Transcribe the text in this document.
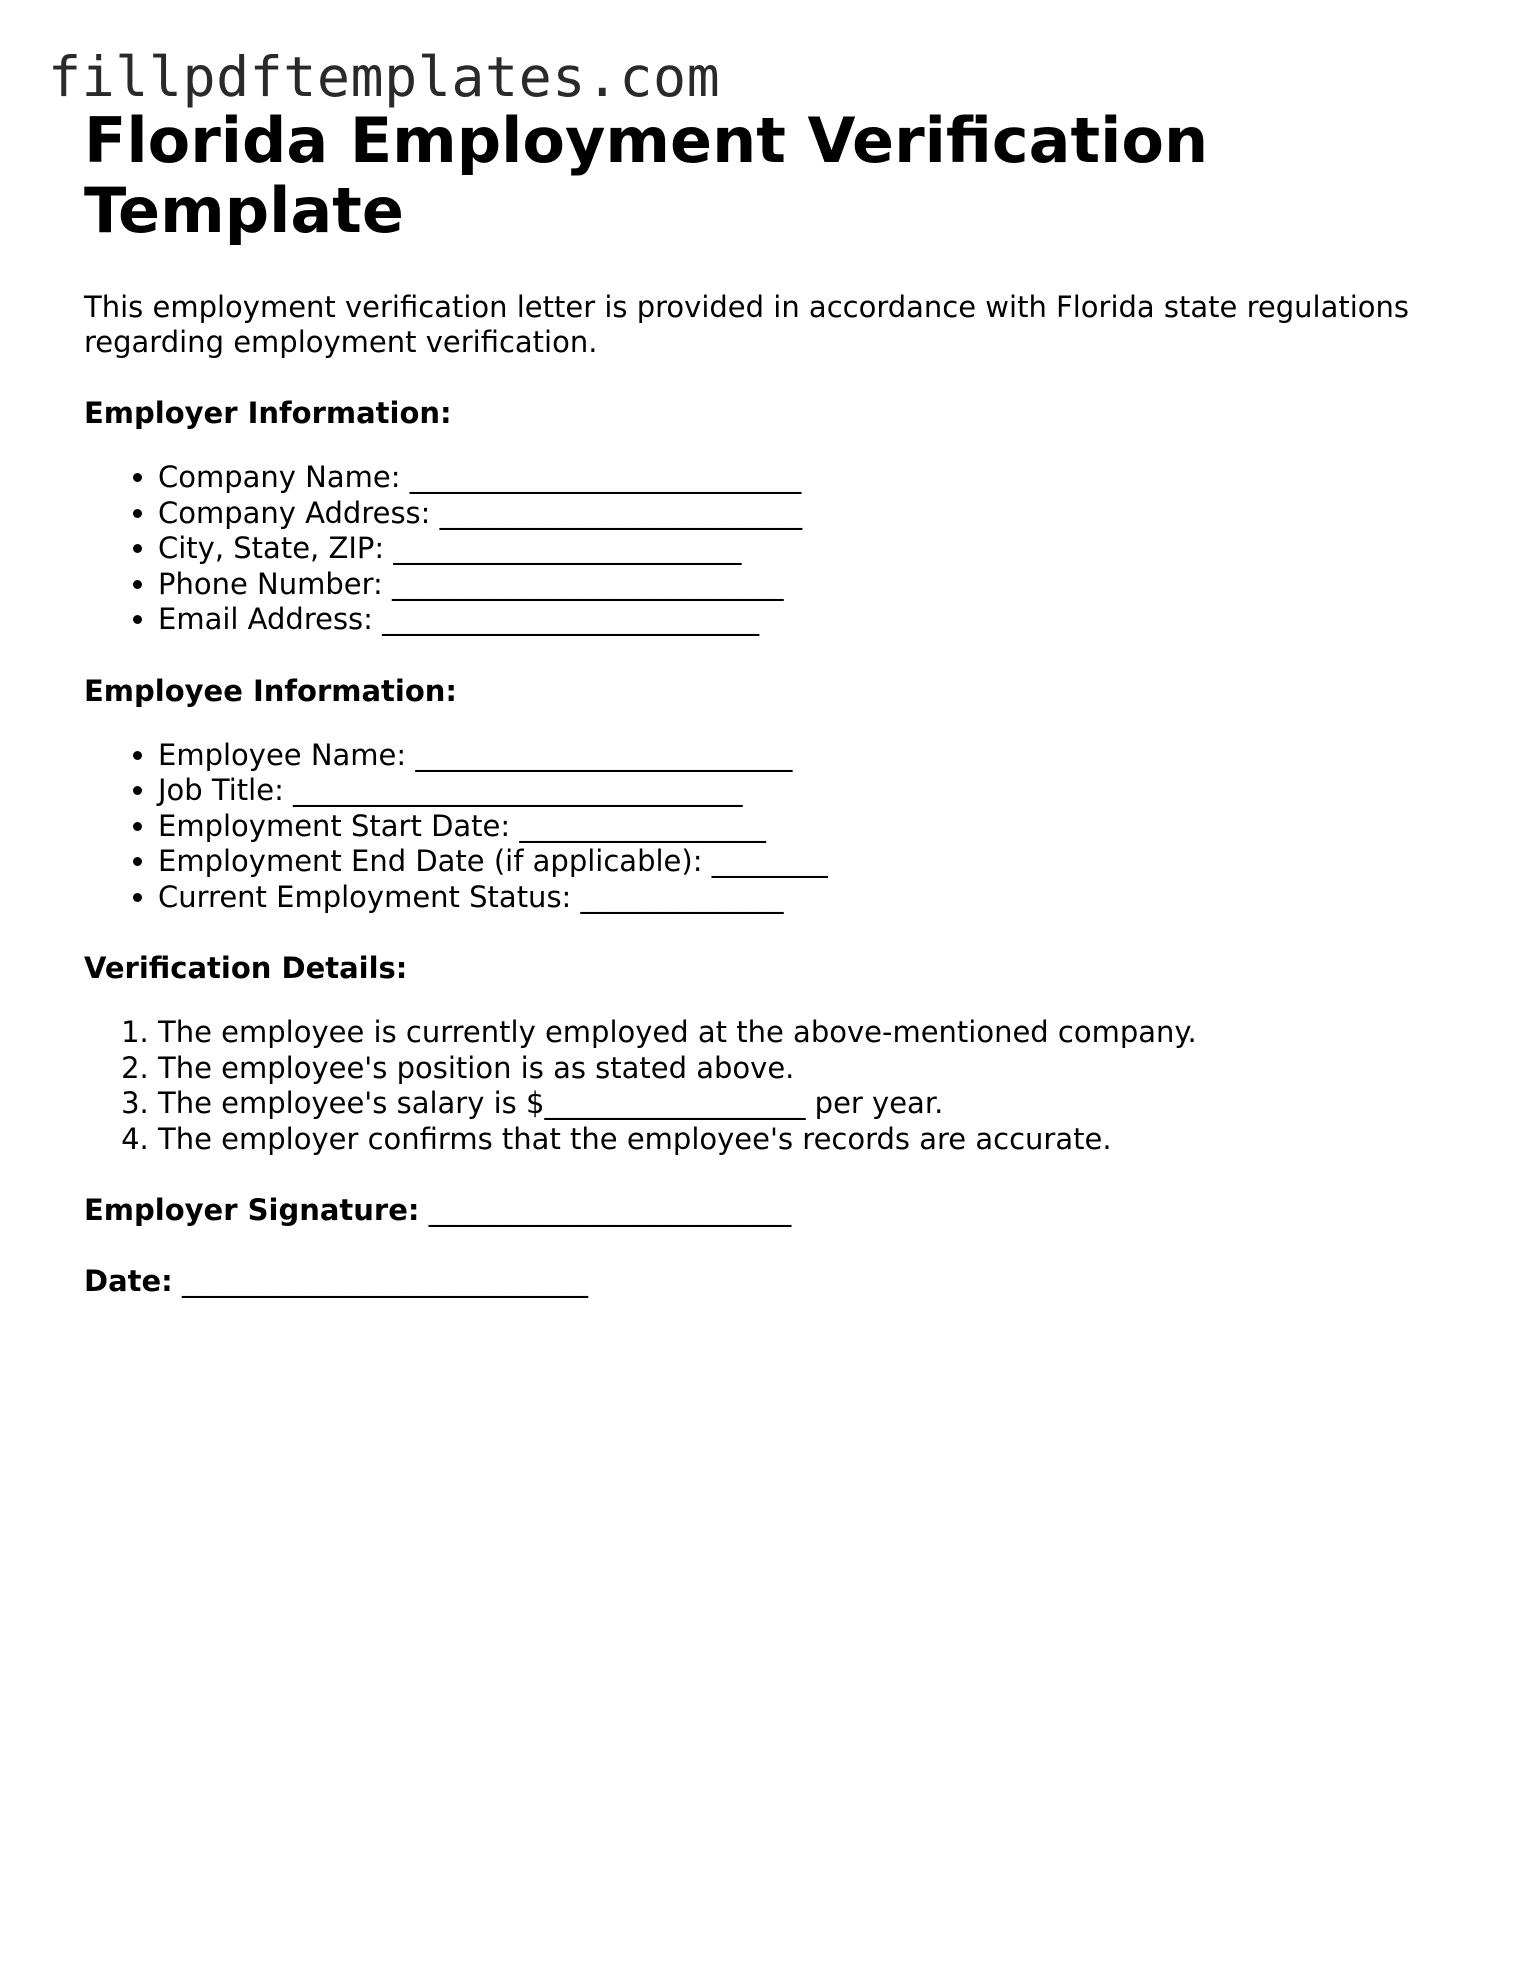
fillpdftemplates.com
Florida Employment Verification Template

This employment verification letter is provided in accordance with Florida state regulations regarding employment verification.

Employer Information:

• Company Name: ___________________________
• Company Address: _________________________
• City, State, ZIP: ________________________
• Phone Number: ___________________________
• Email Address: __________________________

Employee Information:

• Employee Name: __________________________
• Job Title: _______________________________
• Employment Start Date: _________________
• Employment End Date (if applicable): ________
• Current Employment Status: ______________

Verification Details:

1. The employee is currently employed at the above-mentioned company.
2. The employee's position is as stated above.
3. The employee's salary is $__________________ per year.
4. The employer confirms that the employee's records are accurate.

Employer Signature: _________________________

Date: ____________________________
